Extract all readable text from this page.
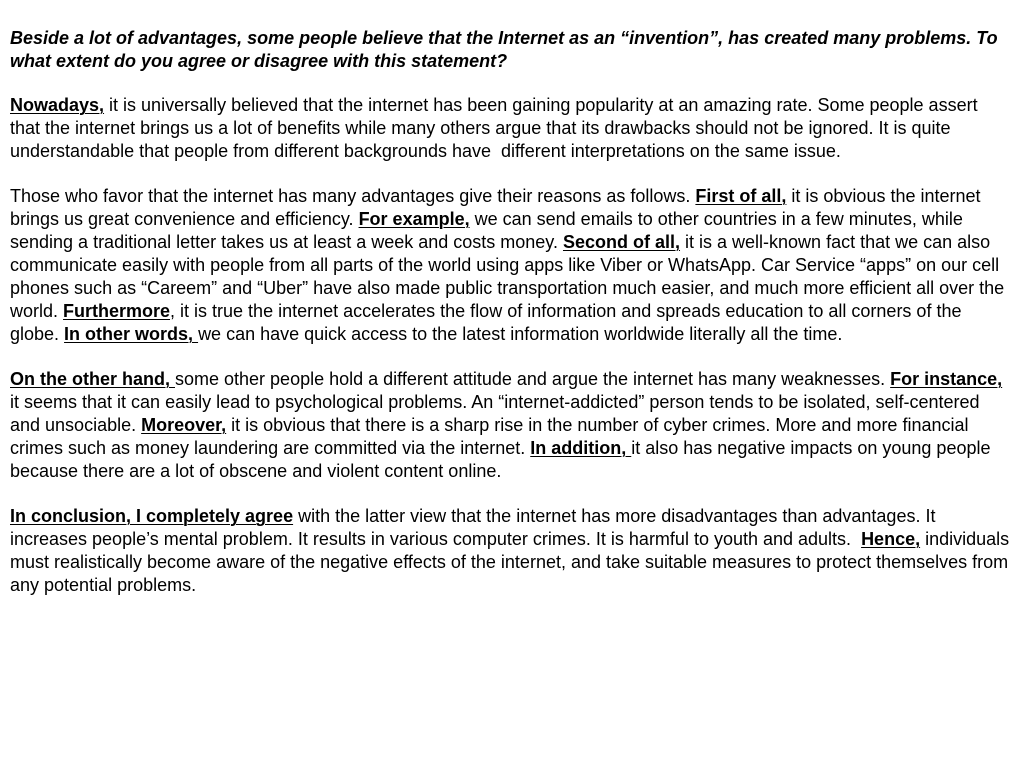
Beside a lot of advantages, some people believe that the Internet as an “invention”, has created many problems. To what extent do you agree or disagree with this statement?

Nowadays, it is universally believed that the internet has been gaining popularity at an amazing rate. Some people assert that the internet brings us a lot of benefits while many others argue that its drawbacks should not be ignored. It is quite understandable that people from different backgrounds have  different interpretations on the same issue.

Those who favor that the internet has many advantages give their reasons as follows. First of all, it is obvious the internet brings us great convenience and efficiency. For example, we can send emails to other countries in a few minutes, while sending a traditional letter takes us at least a week and costs money. Second of all, it is a well-known fact that we can also communicate easily with people from all parts of the world using apps like Viber or WhatsApp. Car Service “apps” on our cell phones such as “Careem” and “Uber” have also made public transportation much easier, and much more efficient all over the world. Furthermore, it is true the internet accelerates the flow of information and spreads education to all corners of the globe. In other words, we can have quick access to the latest information worldwide literally all the time.

On the other hand, some other people hold a different attitude and argue the internet has many weaknesses. For instance, it seems that it can easily lead to psychological problems. An “internet-addicted” person tends to be isolated, self-centered and unsociable. Moreover, it is obvious that there is a sharp rise in the number of cyber crimes. More and more financial crimes such as money laundering are committed via the internet. In addition, it also has negative impacts on young people because there are a lot of obscene and violent content online.

In conclusion, I completely agree with the latter view that the internet has more disadvantages than advantages. It increases people’s mental problem. It results in various computer crimes. It is harmful to youth and adults.  Hence, individuals must realistically become aware of the negative effects of the internet, and take suitable measures to protect themselves from any potential problems.
